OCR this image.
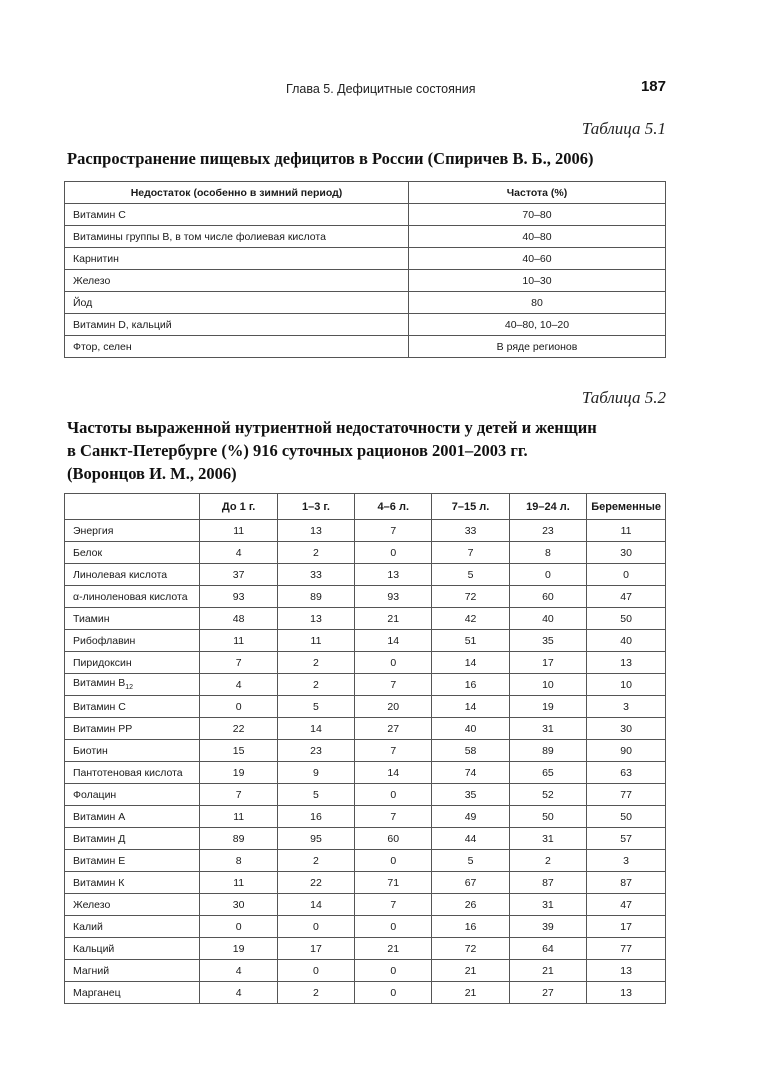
Глава 5. Дефицитные состояния	187
Таблица 5.1
Распространение пищевых дефицитов в России (Спиричев В. Б., 2006)
Недостаток (особенно в зимний период)	Частота (%)
Витамин C	70–80
Витамины группы B, в том числе фолиевая кислота	40–80
Карнитин	40–60
Железо	10–30
Йод	80
Витамин D, кальций	40–80, 10–20
Фтор, селен	В ряде регионов
Таблица 5.2
Частоты выраженной нутриентной недостаточности у детей и женщин
в Санкт-Петербурге (%) 916 суточных рационов 2001–2003 гг.
(Воронцов И. М., 2006)
	До 1 г.	1–3 г.	4–6 л.	7–15 л.	19–24 л.	Беременные
Энергия	11	13	7	33	23	11
Белок	4	2	0	7	8	30
Линолевая кислота	37	33	13	5	0	0
α-линоленовая кислота	93	89	93	72	60	47
Тиамин	48	13	21	42	40	50
Рибофлавин	11	11	14	51	35	40
Пиридоксин	7	2	0	14	17	13
Витамин $B_{12}$	4	2	7	16	10	10
Витамин С	0	5	20	14	19	3
Витамин PP	22	14	27	40	31	30
Биотин	15	23	7	58	89	90
Пантотеновая кислота	19	9	14	74	65	63
Фолацин	7	5	0	35	52	77
Витамин А	11	16	7	49	50	50
Витамин Д	89	95	60	44	31	57
Витамин Е	8	2	0	5	2	3
Витамин К	11	22	71	67	87	87
Железо	30	14	7	26	31	47
Калий	0	0	0	16	39	17
Кальций	19	17	21	72	64	77
Магний	4	0	0	21	21	13
Марганец	4	2	0	21	27	13
